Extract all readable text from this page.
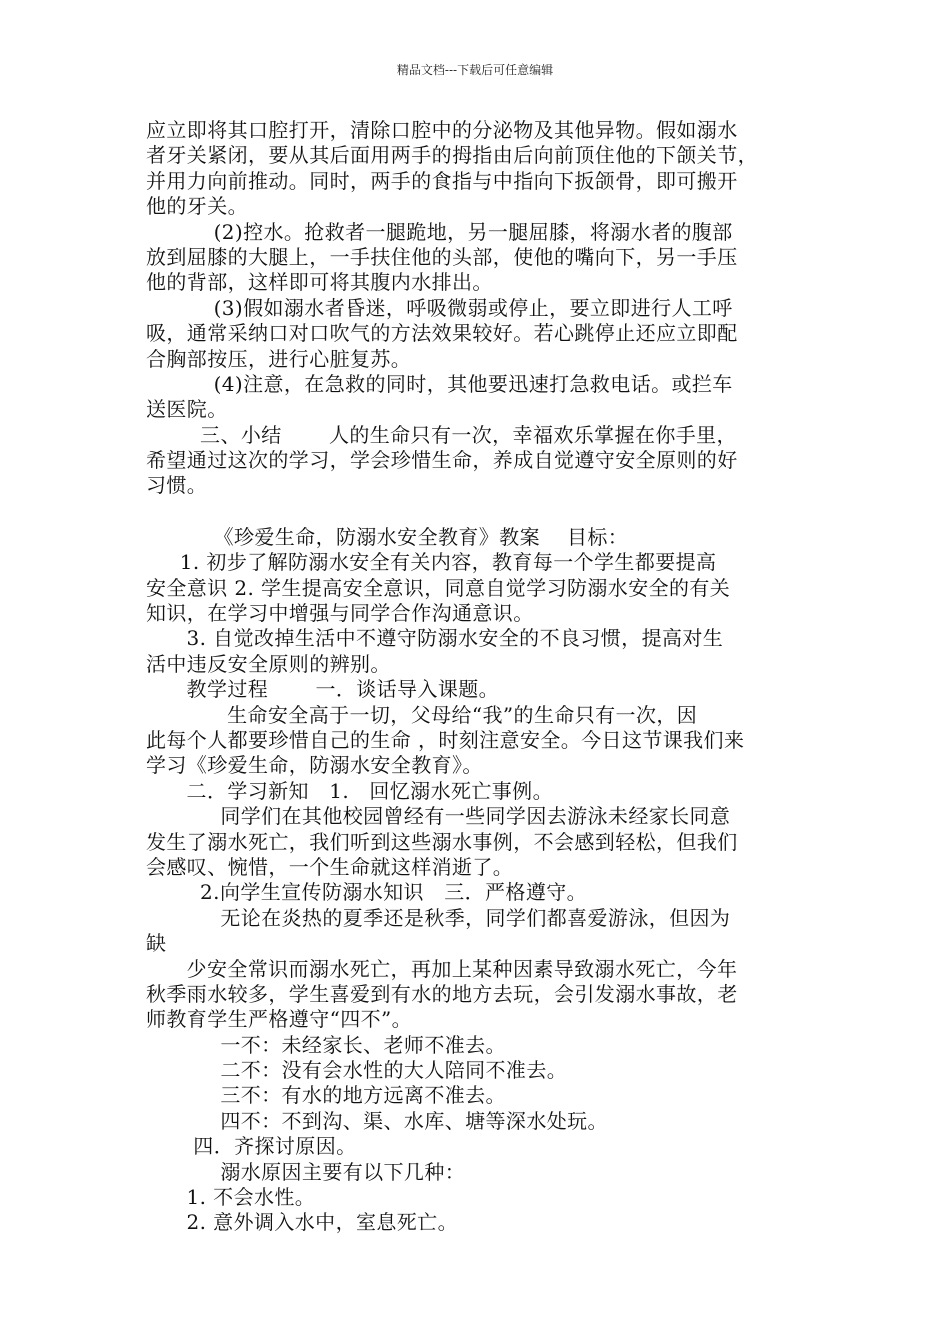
精品文档---下载后可任意编辑
应立即将其口腔打开，清除口腔中的分泌物及其他异物。假如溺水
者牙关紧闭，要从其后面用两手的拇指由后向前顶住他的下颌关节，
并用力向前推动。同时，两手的食指与中指向下扳颌骨，即可搬开
他的牙关。
(2)控水。抢救者一腿跪地，另一腿屈膝，将溺水者的腹部
放到屈膝的大腿上，一手扶住他的头部，使他的嘴向下，另一手压
他的背部，这样即可将其腹内水排出。
(3)假如溺水者昏迷，呼吸微弱或停止，要立即进行人工呼
吸，通常采纳口对口吹气的方法效果较好。若心跳停止还应立即配
合胸部按压，进行心脏复苏。
(4)注意，在急救的同时，其他要迅速打急救电话。或拦车
送医院。
三、小结       人的生命只有一次，幸福欢乐掌握在你手里，
希望通过这次的学习，学会珍惜生命，养成自觉遵守安全原则的好
习惯。
《珍爱生命，防溺水安全教育》教案    目标：
1. 初步了解防溺水安全有关内容，教育每一个学生都要提高
安全意识 2. 学生提高安全意识，同意自觉学习防溺水安全的有关
知识，在学习中增强与同学合作沟通意识。
3. 自觉改掉生活中不遵守防溺水安全的不良习惯，提高对生
活中违反安全原则的辨别。
教学过程       一．谈话导入课题。
生命安全高于一切，父母给“我”的生命只有一次，因
此每个人都要珍惜自己的生命 ，时刻注意安全。今日这节课我们来
学习《珍爱生命，防溺水安全教育》。
二．学习新知   1.   回忆溺水死亡事例。
同学们在其他校园曾经有一些同学因去游泳未经家长同意
发生了溺水死亡，我们听到这些溺水事例，不会感到轻松，但我们
会感叹、惋惜，一个生命就这样消逝了。
2.向学生宣传防溺水知识   三．严格遵守。
无论在炎热的夏季还是秋季，同学们都喜爱游泳，但因为
缺
少安全常识而溺水死亡，再加上某种因素导致溺水死亡，今年
秋季雨水较多，学生喜爱到有水的地方去玩，会引发溺水事故，老
师教育学生严格遵守“四不”。
一不：未经家长、老师不准去。
二不：没有会水性的大人陪同不准去。
三不：有水的地方远离不准去。
四不：不到沟、渠、水库、塘等深水处玩。
四．齐探讨原因。
溺水原因主要有以下几种：
1. 不会水性。
2. 意外调入水中，室息死亡。
